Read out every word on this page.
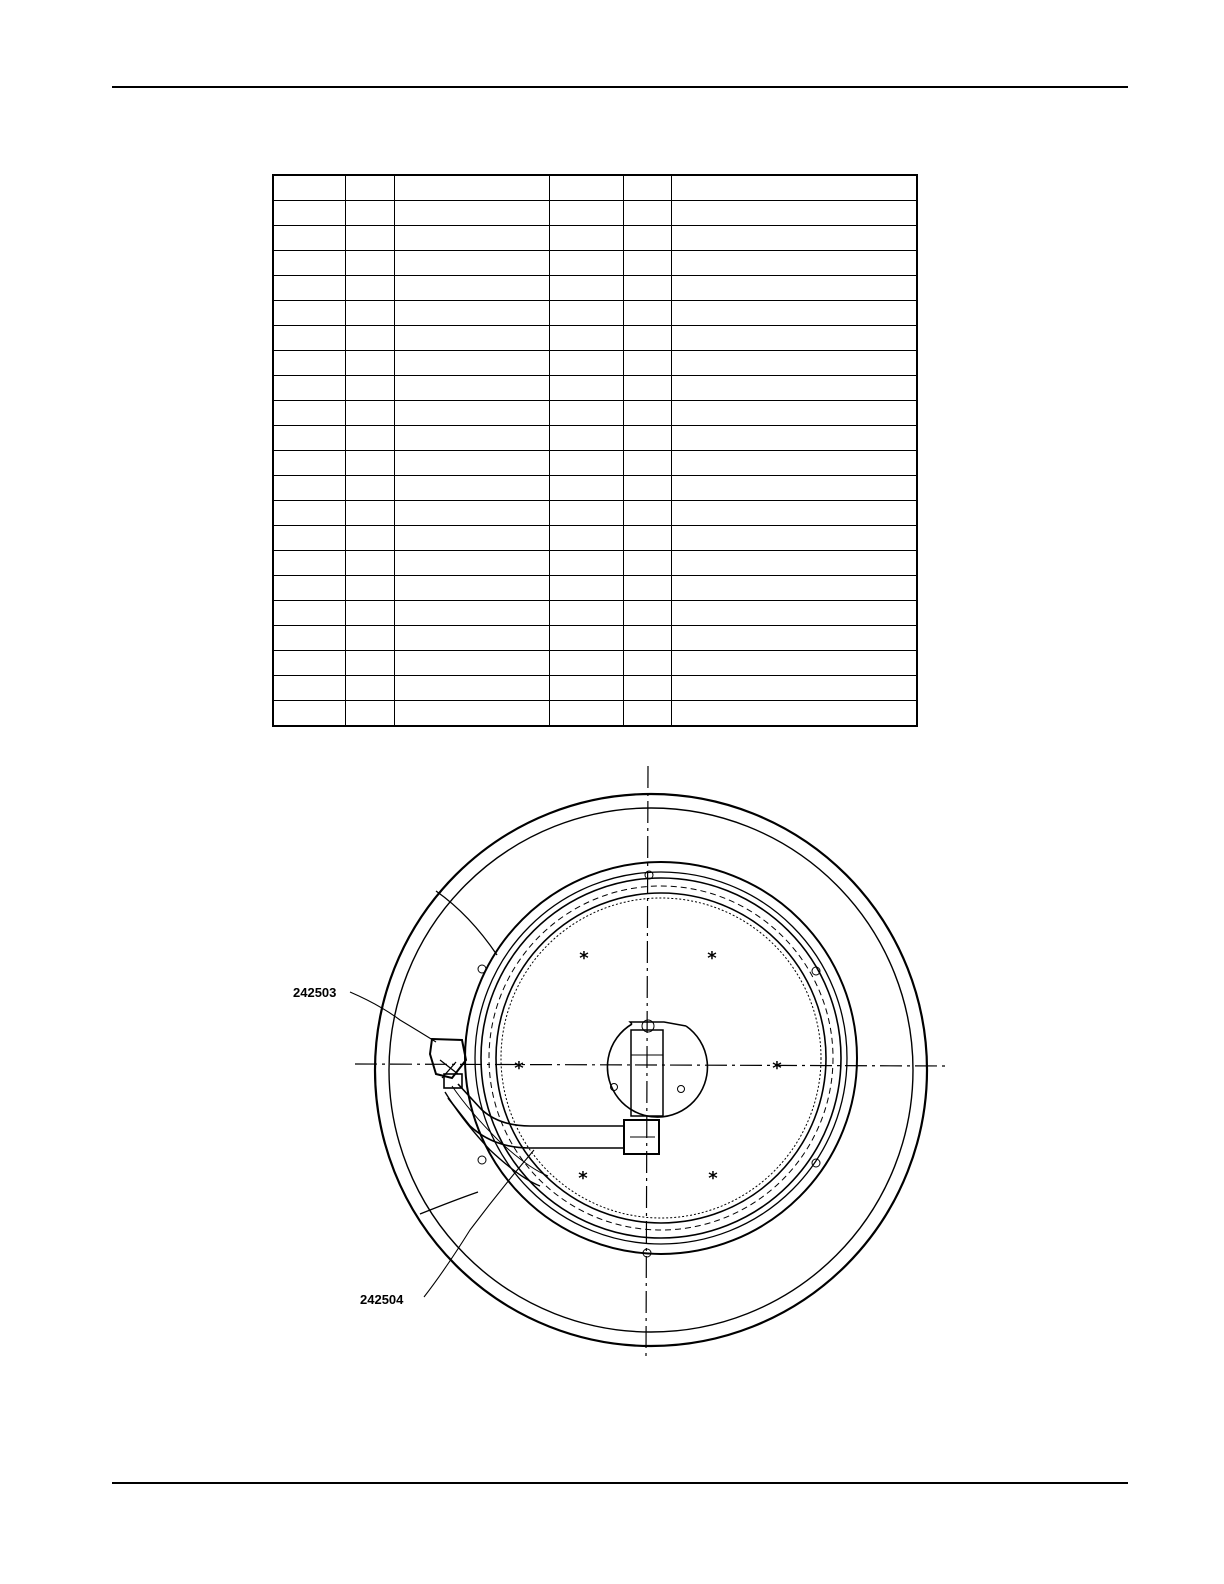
*	*
*	*
*	*
242503
242504
